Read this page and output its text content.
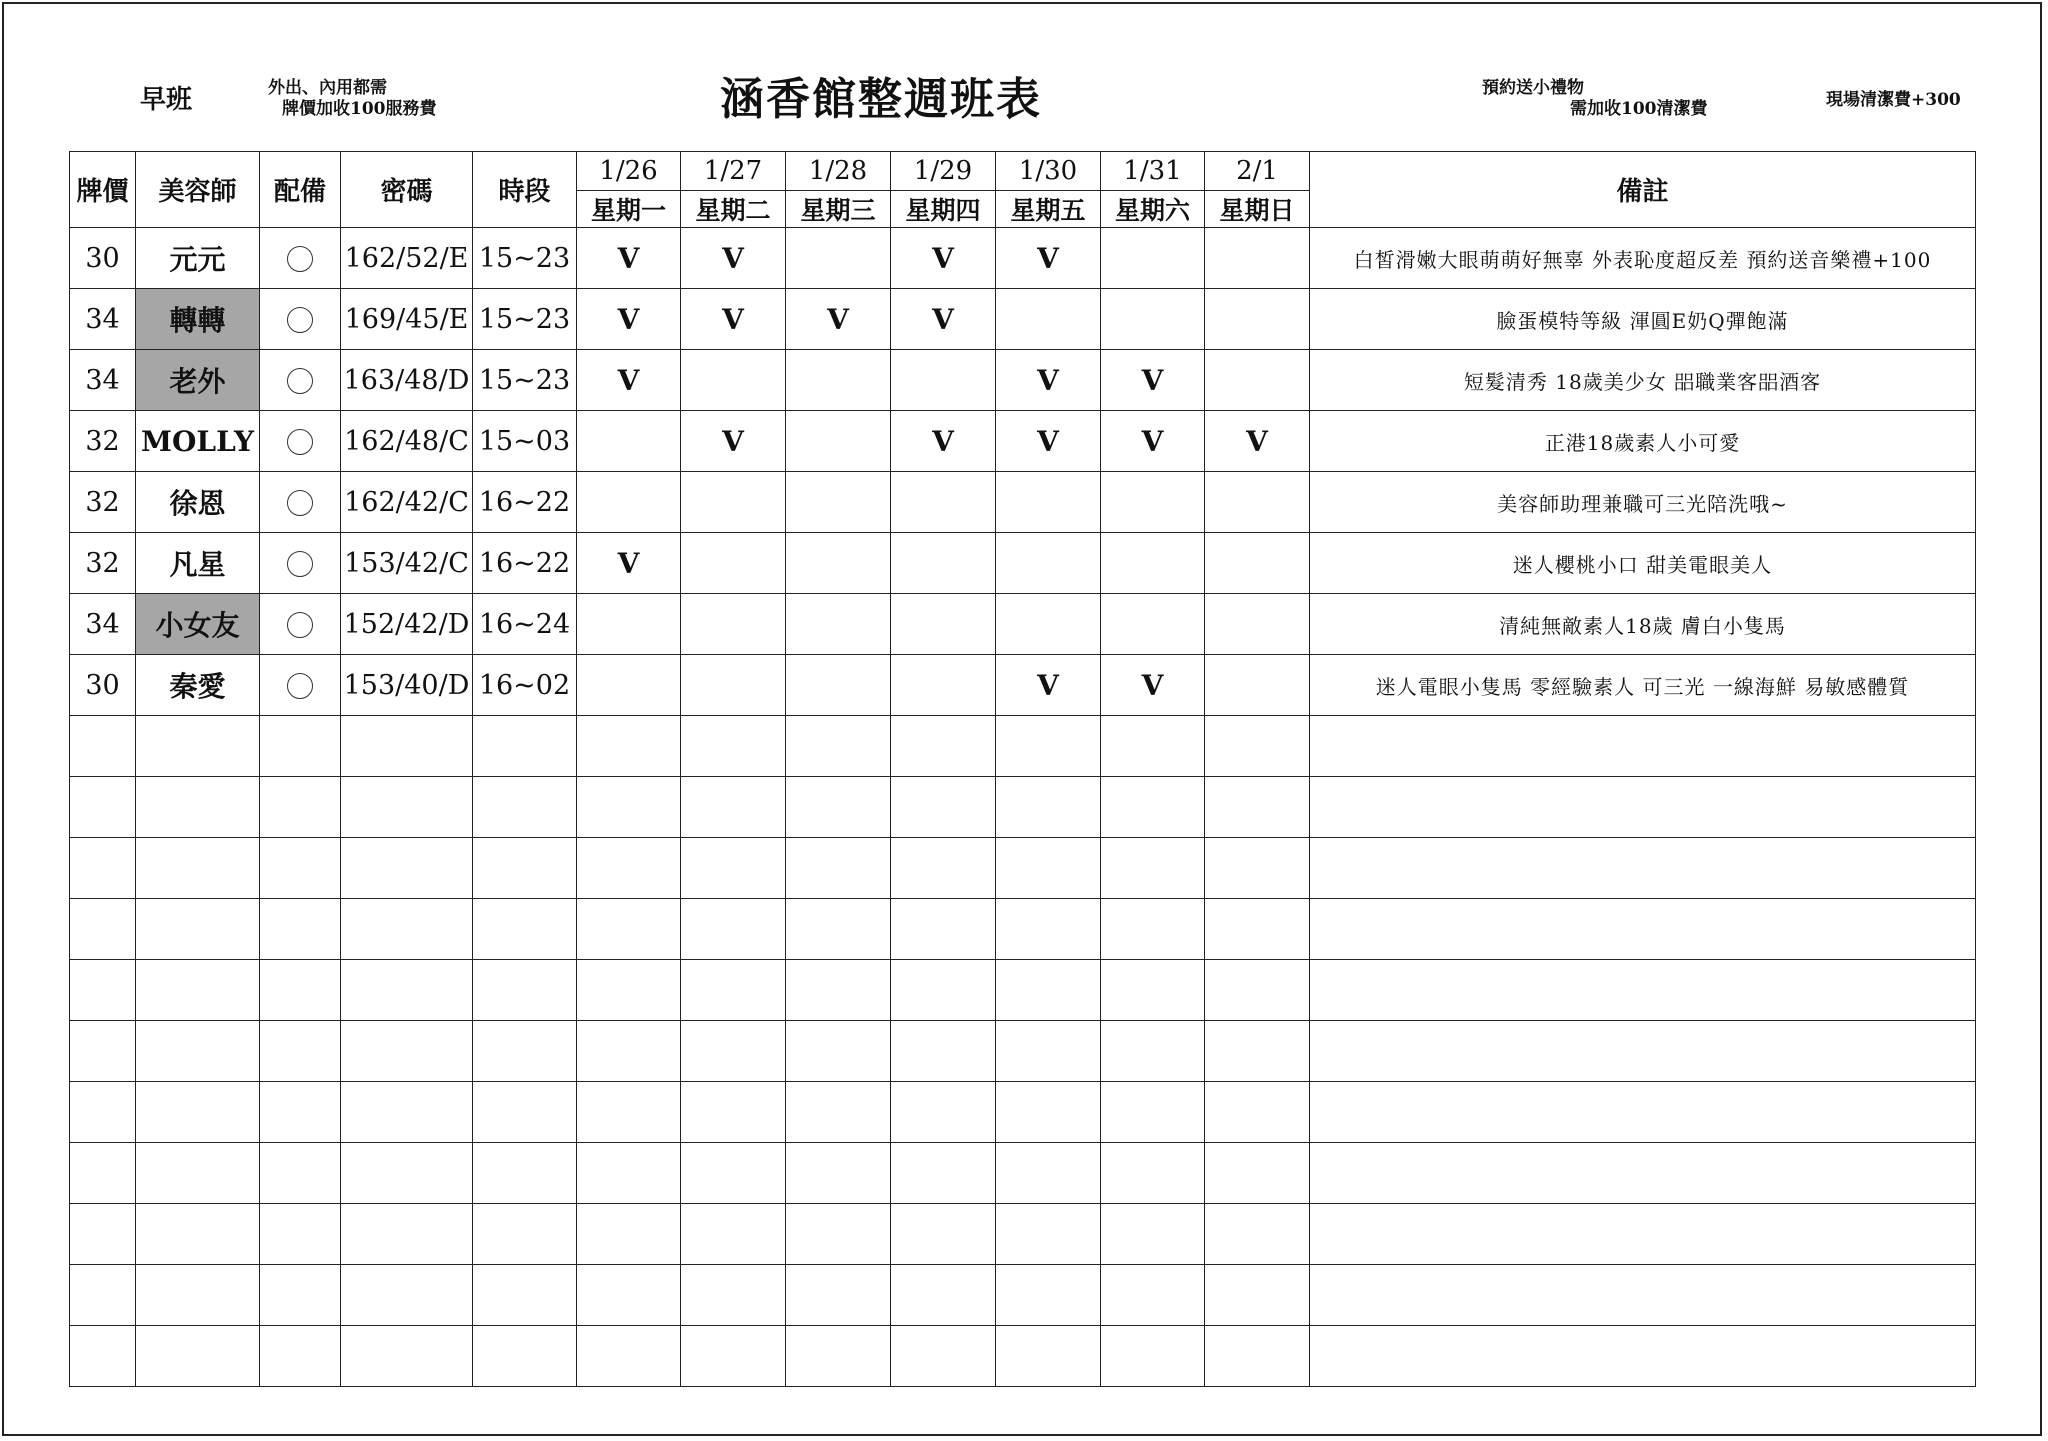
早班	外出、內用都需
牌價加收100服務費	涵香館整週班表	預約送小禮物
需加收100清潔費	現場清潔費+300
牌價	美容師	配備	密碼	時段	1/26	1/27	1/28	1/29	1/30	1/31	2/1	備註
					星期一	星期二	星期三	星期四	星期五	星期六	星期日	
30	元元		162/52/E	15~23	V	V		V	V			白皙滑嫩大眼萌萌好無辜 外表恥度超反差 預約送音樂禮+100
34	轉轉		169/45/E	15~23	V	V	V	V				臉蛋模特等級 渾圓E奶Q彈飽滿
34	老外		163/48/D	15~23	V				V	V		短髮清秀 18歲美少女 㗊職業客㗊酒客
32	MOLLY		162/48/C	15~03		V		V	V	V	V	正港18歲素人小可愛
32	徐恩		162/42/C	16~22								美容師助理兼職可三光陪洗哦~
32	凡星		153/42/C	16~22	V							迷人櫻桃小口 甜美電眼美人
34	小女友		152/42/D	16~24								清純無敵素人18歲 膚白小隻馬
30	秦愛		153/40/D	16~02					V	V		迷人電眼小隻馬 零經驗素人 可三光 一線海鮮 易敏感體質
